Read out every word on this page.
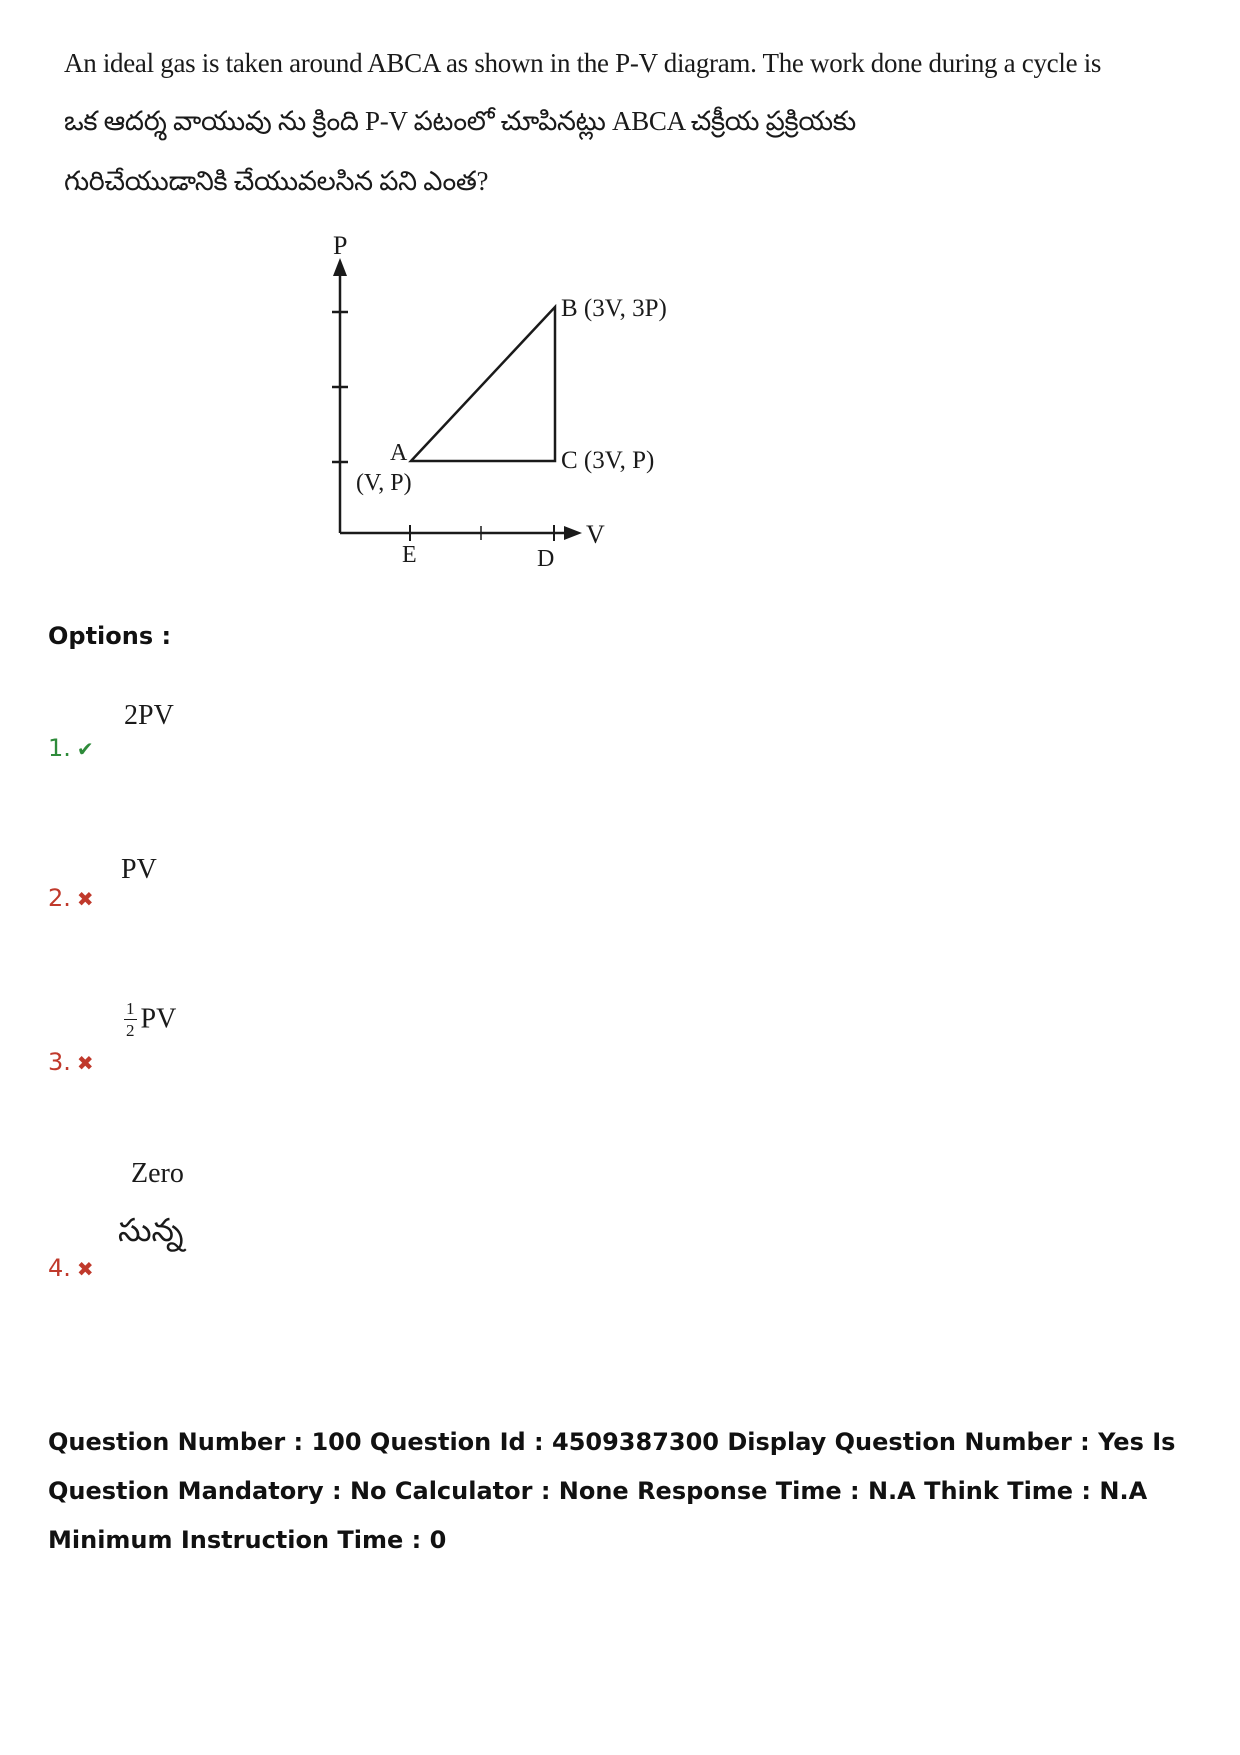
An ideal gas is taken around ABCA as shown in the P-V diagram. The work done during a cycle is
ఒక ఆదర్శ వాయువు ను క్రింది P-V పటంలో చూపినట్లు ABCA చక్రీయ ప్రక్రియకు
గురిచేయుడానికి చేయువలసిన పని ఎంత?
P
V
A
(V, P)
B (3V, 3P)
C (3V, P)
E	D
Options :
1. ✔
2PV
2. ✖
PV
3. ✖
$\frac{1}{2}$ PV
4. ✖
Zero
సున్న
Question Number : 100 Question Id : 4509387300 Display Question Number : Yes Is Question Mandatory : No Calculator : None Response Time : N.A Think Time : N.A Minimum Instruction Time : 0
